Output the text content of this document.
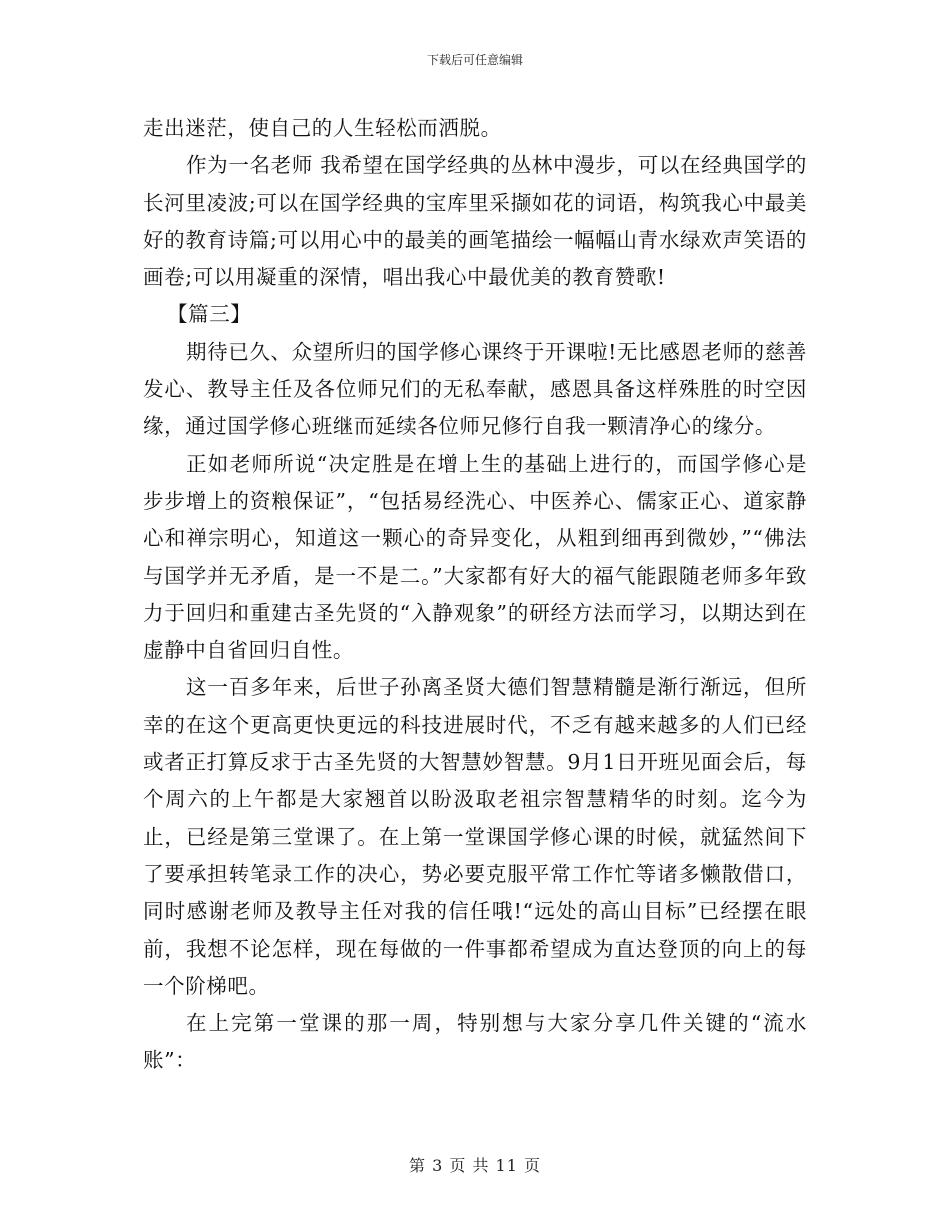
下载后可任意编辑

走出迷茫，使自己的人生轻松而洒脱。

作为一名老师 我希望在国学经典的丛林中漫步，可以在经典国学的长河里凌波;可以在国学经典的宝库里采撷如花的词语，构筑我心中最美好的教育诗篇;可以用心中的最美的画笔描绘一幅幅山青水绿欢声笑语的画卷;可以用凝重的深情，唱出我心中最优美的教育赞歌!

【篇三】

期待已久、众望所归的国学修心课终于开课啦!无比感恩老师的慈善发心、教导主任及各位师兄们的无私奉献，感恩具备这样殊胜的时空因缘，通过国学修心班继而延续各位师兄修行自我一颗清净心的缘分。

正如老师所说“决定胜是在增上生的基础上进行的，而国学修心是步步增上的资粮保证”，“包括易经洗心、中医养心、儒家正心、道家静心和禅宗明心，知道这一颗心的奇异变化，从粗到细再到微妙，”“佛法与国学并无矛盾，是一不是二。”大家都有好大的福气能跟随老师多年致力于回归和重建古圣先贤的“入静观象”的研经方法而学习，以期达到在虚静中自省回归自性。

这一百多年来，后世子孙离圣贤大德们智慧精髓是渐行渐远，但所幸的在这个更高更快更远的科技进展时代，不乏有越来越多的人们已经或者正打算反求于古圣先贤的大智慧妙智慧。9月1日开班见面会后，每个周六的上午都是大家翘首以盼汲取老祖宗智慧精华的时刻。迄今为止，已经是第三堂课了。在上第一堂课国学修心课的时候，就猛然间下了要承担转笔录工作的决心，势必要克服平常工作忙等诸多懒散借口，同时感谢老师及教导主任对我的信任哦!“远处的高山目标”已经摆在眼前，我想不论怎样，现在每做的一件事都希望成为直达登顶的向上的每一个阶梯吧。

在上完第一堂课的那一周，特别想与大家分享几件关键的“流水账”：

第 3 页 共 11 页
